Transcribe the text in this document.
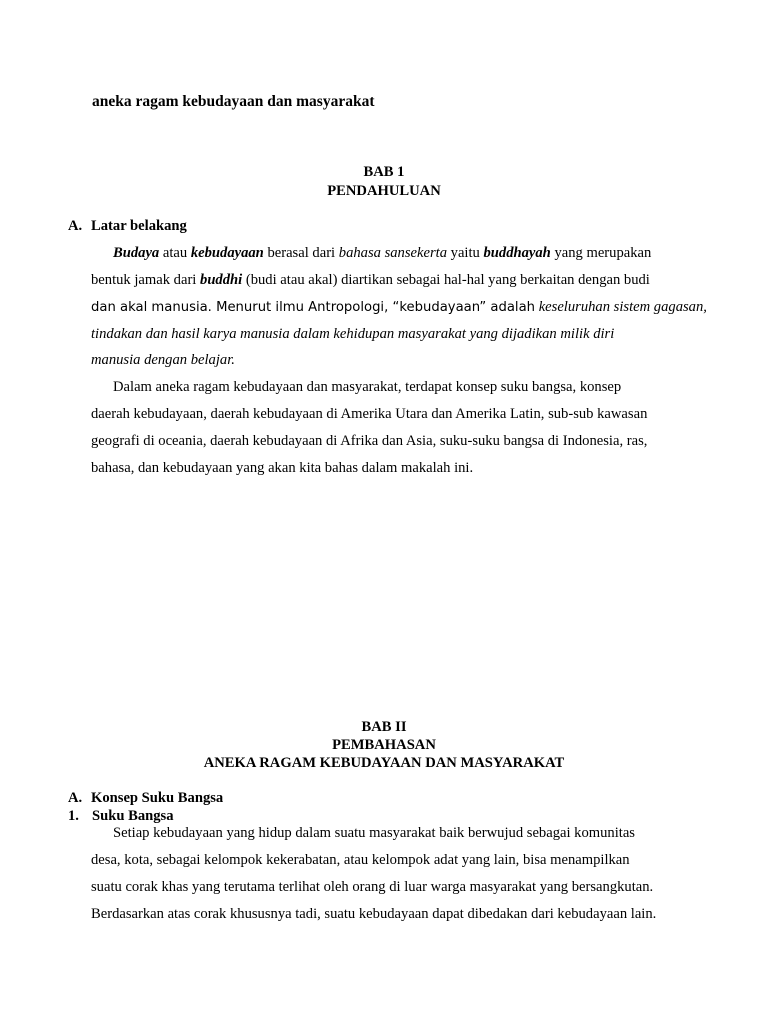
aneka ragam kebudayaan dan masyarakat
BAB 1
PENDAHULUAN
A. Latar belakang
Budaya atau kebudayaan berasal dari bahasa sansekerta yaitu buddhayah yang merupakan
bentuk jamak dari buddhi (budi atau akal) diartikan sebagai hal-hal yang berkaitan dengan budi
dan akal manusia. Menurut ilmu Antropologi, “kebudayaan” adalah keseluruhan sistem gagasan,
tindakan dan hasil karya manusia dalam kehidupan masyarakat yang dijadikan milik diri
manusia dengan belajar.
Dalam aneka ragam kebudayaan dan masyarakat, terdapat konsep suku bangsa, konsep
daerah kebudayaan, daerah kebudayaan di Amerika Utara dan Amerika Latin, sub-sub kawasan
geografi di oceania, daerah kebudayaan di Afrika dan Asia, suku-suku bangsa di Indonesia, ras,
bahasa, dan kebudayaan yang akan kita bahas dalam makalah ini.
BAB II
PEMBAHASAN
ANEKA RAGAM KEBUDAYAAN DAN MASYARAKAT
A. Konsep Suku Bangsa
1. Suku Bangsa
Setiap kebudayaan yang hidup dalam suatu masyarakat baik berwujud sebagai komunitas
desa, kota, sebagai kelompok kekerabatan, atau kelompok adat yang lain, bisa menampilkan
suatu corak khas yang terutama terlihat oleh orang di luar warga masyarakat yang bersangkutan.
Berdasarkan atas corak khususnya tadi, suatu kebudayaan dapat dibedakan dari kebudayaan lain.
